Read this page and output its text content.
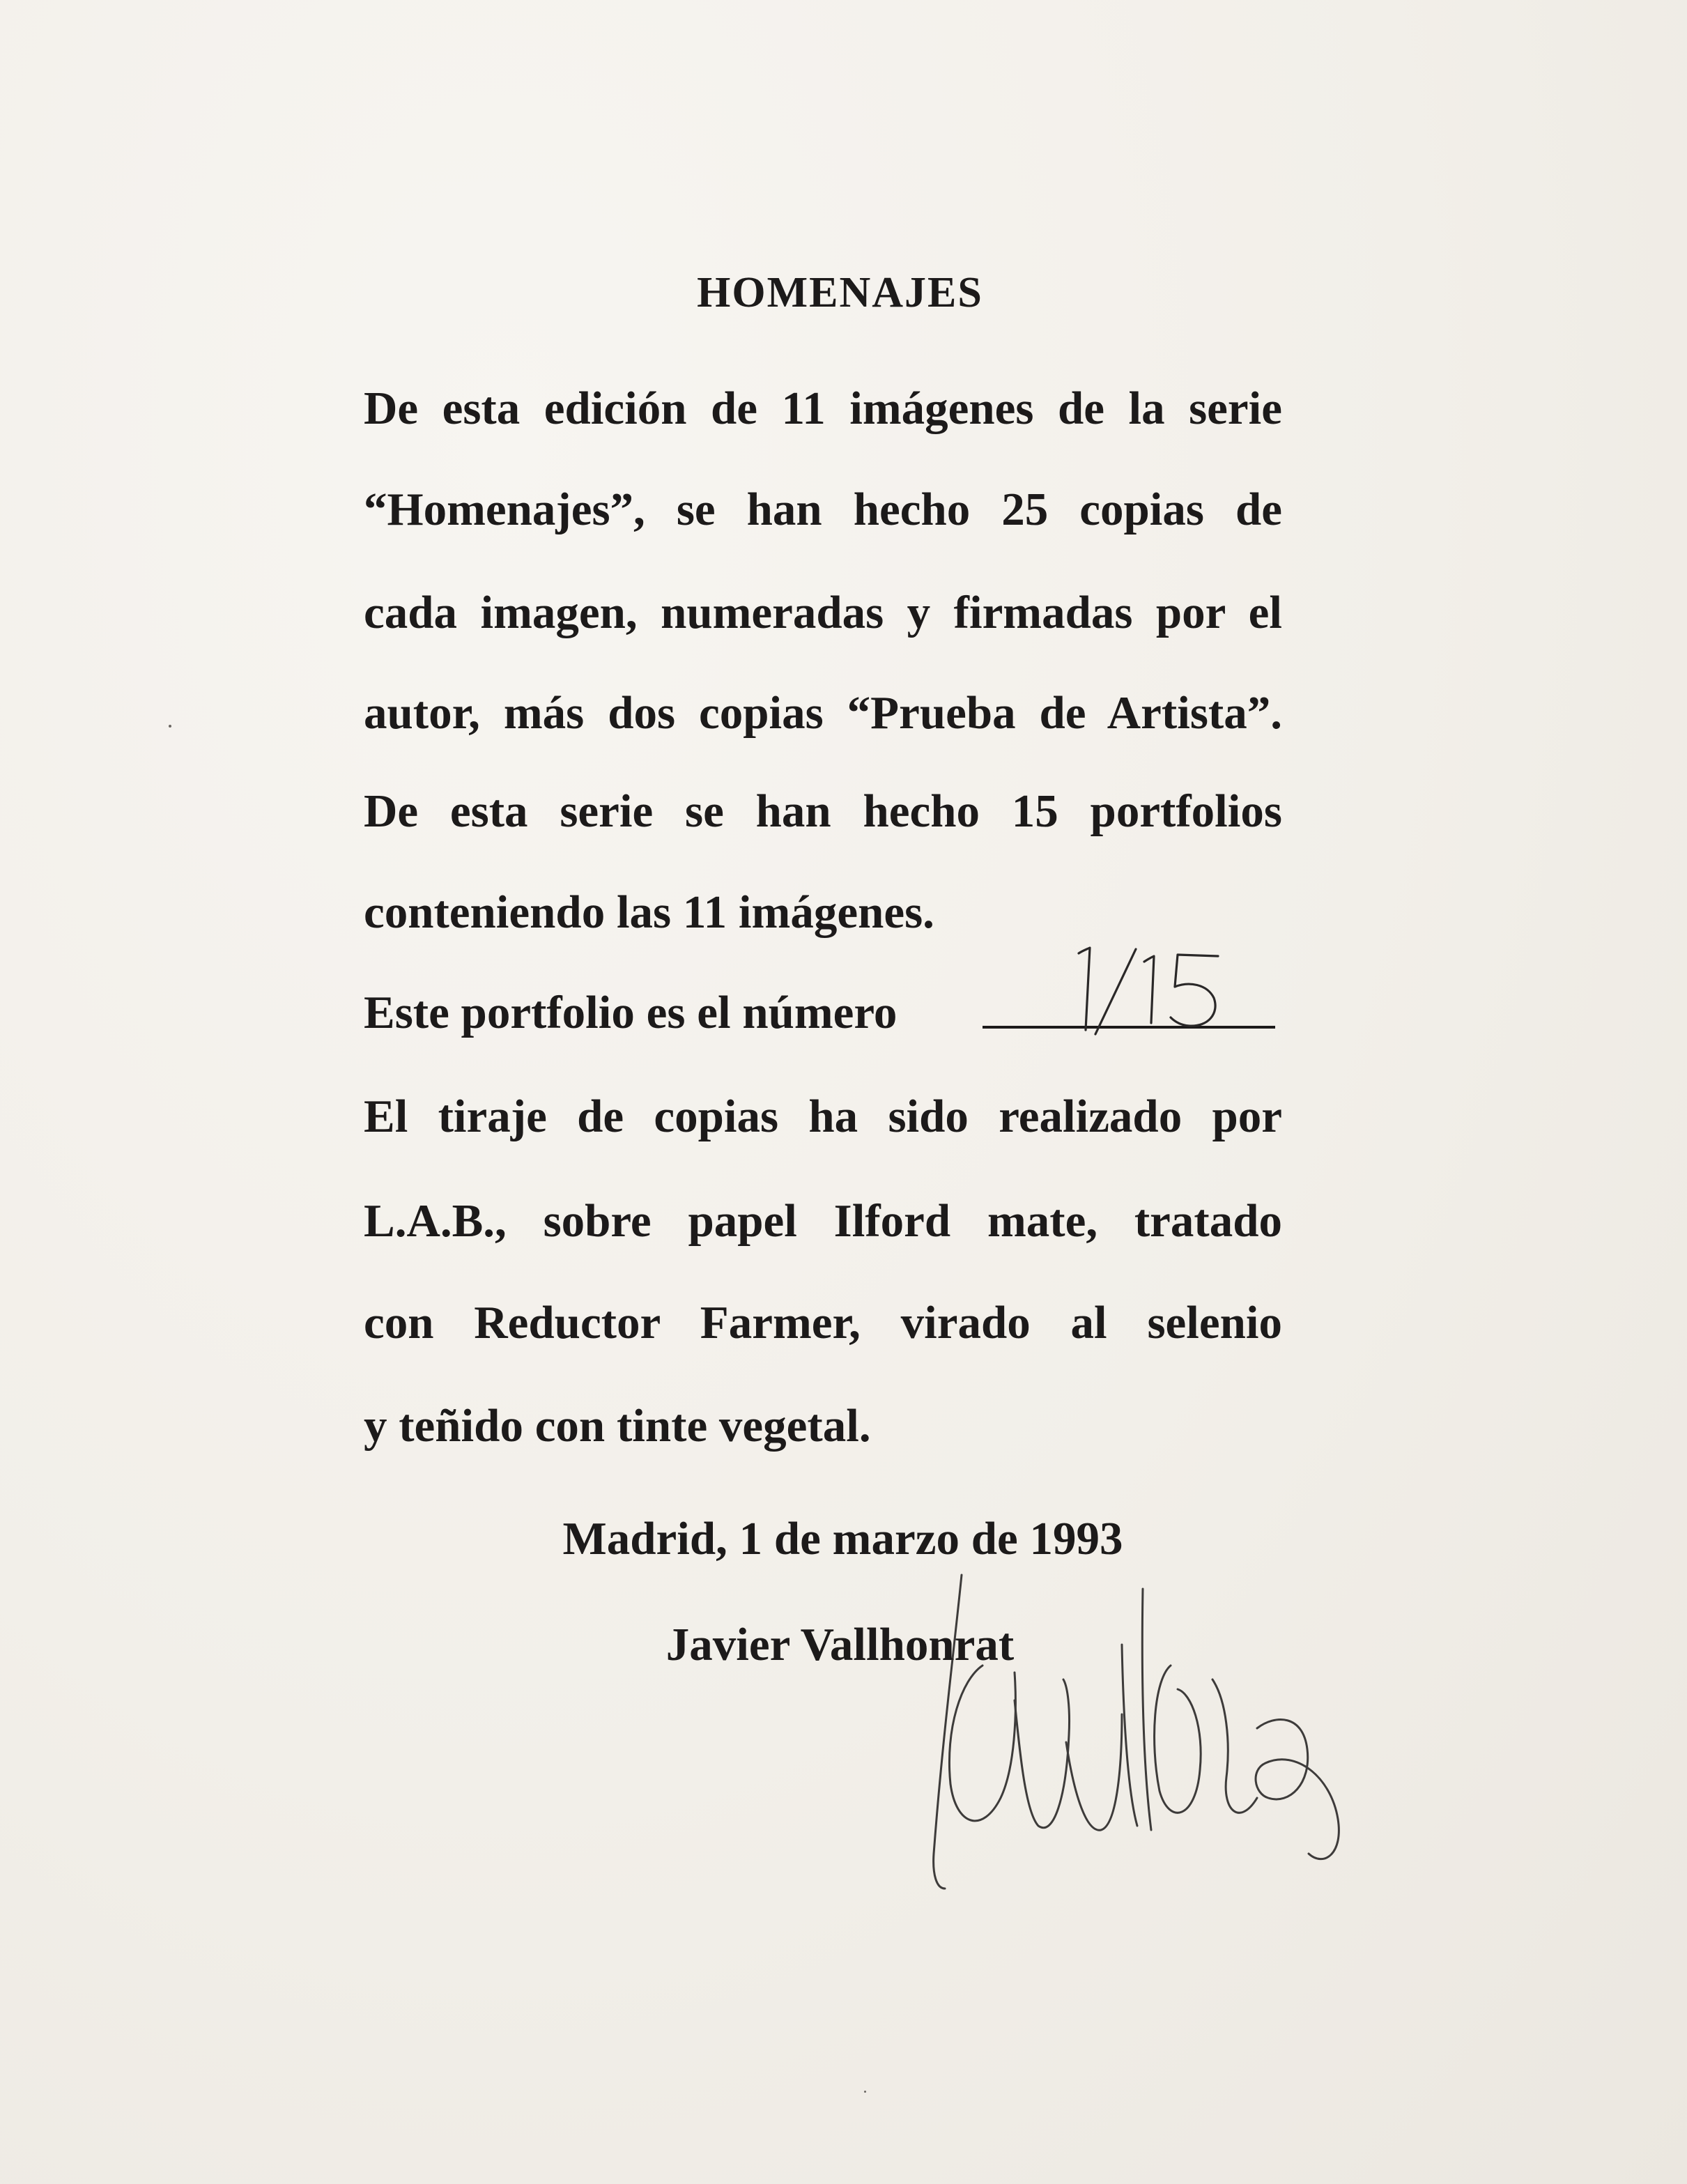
HOMENAJES
De esta edición de 11 imágenes de la serie
“Homenajes”, se han hecho 25 copias de
cada imagen, numeradas y firmadas por el
autor, más dos copias “Prueba de Artista”.
De esta serie se han hecho 15 portfolios
conteniendo las 11 imágenes.
Este portfolio es el número
El tiraje de copias ha sido realizado por
L.A.B., sobre papel Ilford mate, tratado
con Reductor Farmer, virado al selenio
y teñido con tinte vegetal.
Madrid, 1 de marzo de 1993
Javier Vallhonrat
